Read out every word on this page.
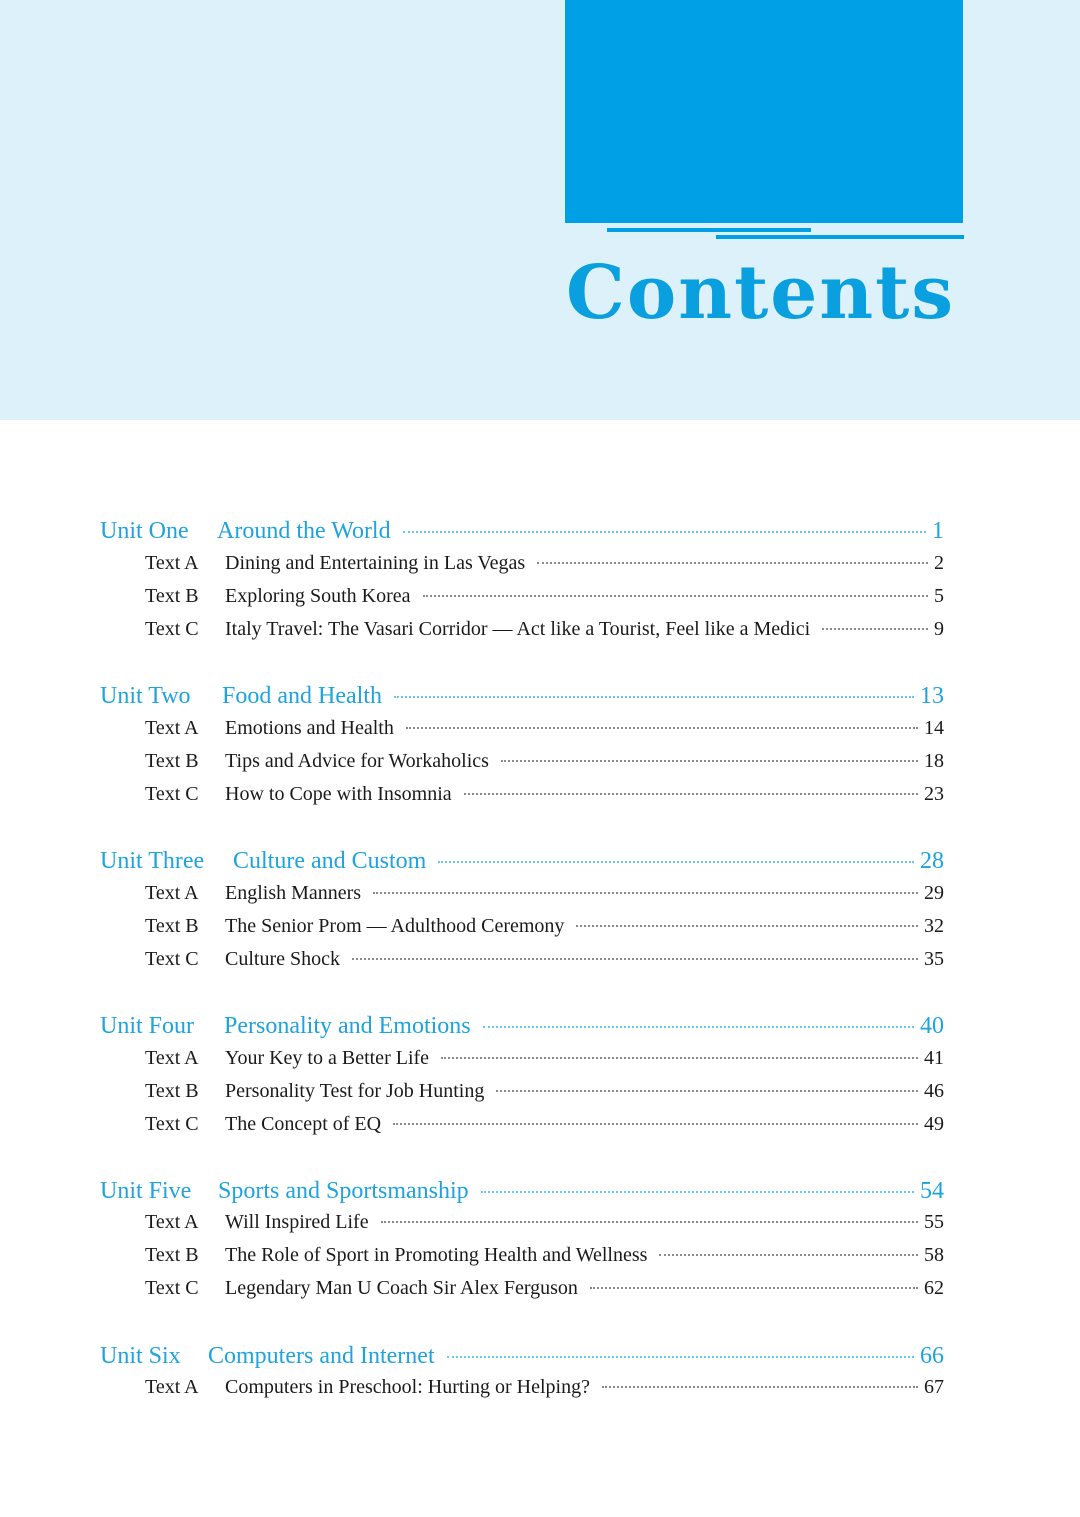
Contents
Unit One	Around the World	1
Text A	Dining and Entertaining in Las Vegas	2
Text B	Exploring South Korea	5
Text C	Italy Travel: The Vasari Corridor — Act like a Tourist, Feel like a Medici	9
Unit Two	Food and Health	13
Text A	Emotions and Health	14
Text B	Tips and Advice for Workaholics	18
Text C	How to Cope with Insomnia	23
Unit Three	Culture and Custom	28
Text A	English Manners	29
Text B	The Senior Prom — Adulthood Ceremony	32
Text C	Culture Shock	35
Unit Four	Personality and Emotions	40
Text A	Your Key to a Better Life	41
Text B	Personality Test for Job Hunting	46
Text C	The Concept of EQ	49
Unit Five	Sports and Sportsmanship	54
Text A	Will Inspired Life	55
Text B	The Role of Sport in Promoting Health and Wellness	58
Text C	Legendary Man U Coach Sir Alex Ferguson	62
Unit Six	Computers and Internet	66
Text A	Computers in Preschool: Hurting or Helping?	67
